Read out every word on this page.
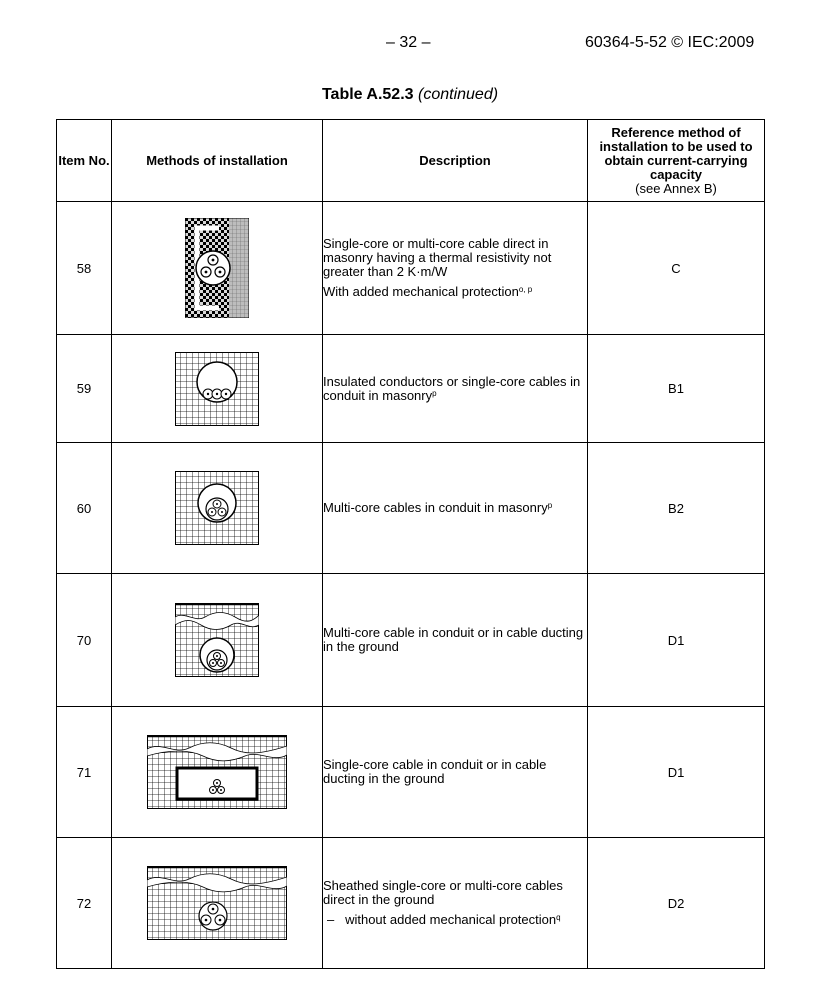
– 32 –	60364-5-52 © IEC:2009
Table A.52.3 (continued)
Item No.	Methods of installation	Description	Reference method of installation to be used to obtain current-carrying capacity
(see Annex B)

58		Single-core or multi-core cable direct in masonry having a thermal resistivity not greater than 2 K·m/W

With added mechanical protection$^{o, p}$	C
59		Insulated conductors or single-core cables in conduit in masonry$^p$	B1
60		Multi-core cables in conduit in masonry$^p$	B2
70		Multi-core cable in conduit or in cable ducting in the ground	D1
71		Single-core cable in conduit or in cable ducting in the ground	D1
72		Sheathed single-core or multi-core cables direct in the ground

– without added mechanical protection$^q$	D2
